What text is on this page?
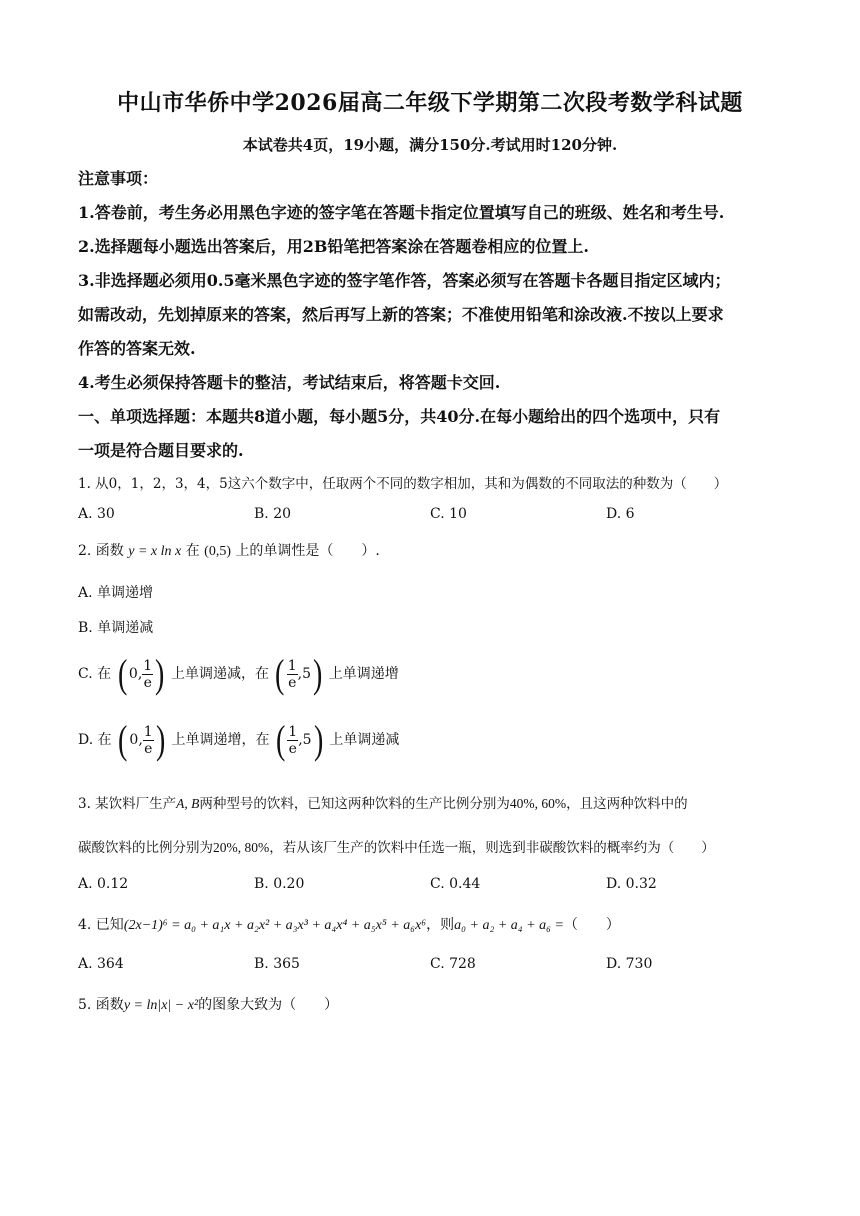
中山市华侨中学2026届高二年级下学期第二次段考数学科试题
本试卷共4页，19小题，满分150分.考试用时120分钟.
注意事项：
1.答卷前，考生务必用黑色字迹的签字笔在答题卡指定位置填写自己的班级、姓名和考生号.
2.选择题每小题选出答案后，用2B铅笔把答案涂在答题卷相应的位置上.
3.非选择题必须用0.5毫米黑色字迹的签字笔作答，答案必须写在答题卡各题目指定区域内；
如需改动，先划掉原来的答案，然后再写上新的答案；不准使用铅笔和涂改液.不按以上要求
作答的答案无效.
4.考生必须保持答题卡的整洁，考试结束后，将答题卡交回.
一、单项选择题：本题共8道小题，每小题5分，共40分.在每小题给出的四个选项中，只有
一项是符合题目要求的.
1. 从0，1，2，3，4，5这六个数字中，任取两个不同的数字相加，其和为偶数的不同取法的种数为（　　）
A. 30	B. 20	C. 10	D. 6
2. 函数 y = x ln x 在 (0,5) 上的单调性是（　　）.
A. 单调递增
B. 单调递减
C. 在 ( 0, $\frac{1}{e}$ ) 上单调递减，在 ( $\frac{1}{e} ,5$) 上单调递增
D. 在 ( 0, $\frac{1}{e}$ ) 上单调递增，在 ( $\frac{1}{e} ,5$) 上单调递减
3. 某饮料厂生产A, B两种型号的饮料，已知这两种饮料的生产比例分别为40%, 60%，且这两种饮料中的
碳酸饮料的比例分别为20%, 80%，若从该厂生产的饮料中任选一瓶，则选到非碳酸饮料的概率约为（　　）
A. 0.12	B. 0.20	C. 0.44	D. 0.32
4. 已知(2x−1)⁶ = a₀ + a₁x + a₂x² + a₃x³ + a₄x⁴ + a₅x⁵ + a₆x⁶，则a₀ + a₂ + a₄ + a₆ =（　　）
A. 364	B. 365	C. 728	D. 730
5. 函数y = ln|x| − x²的图象大致为（　　）
